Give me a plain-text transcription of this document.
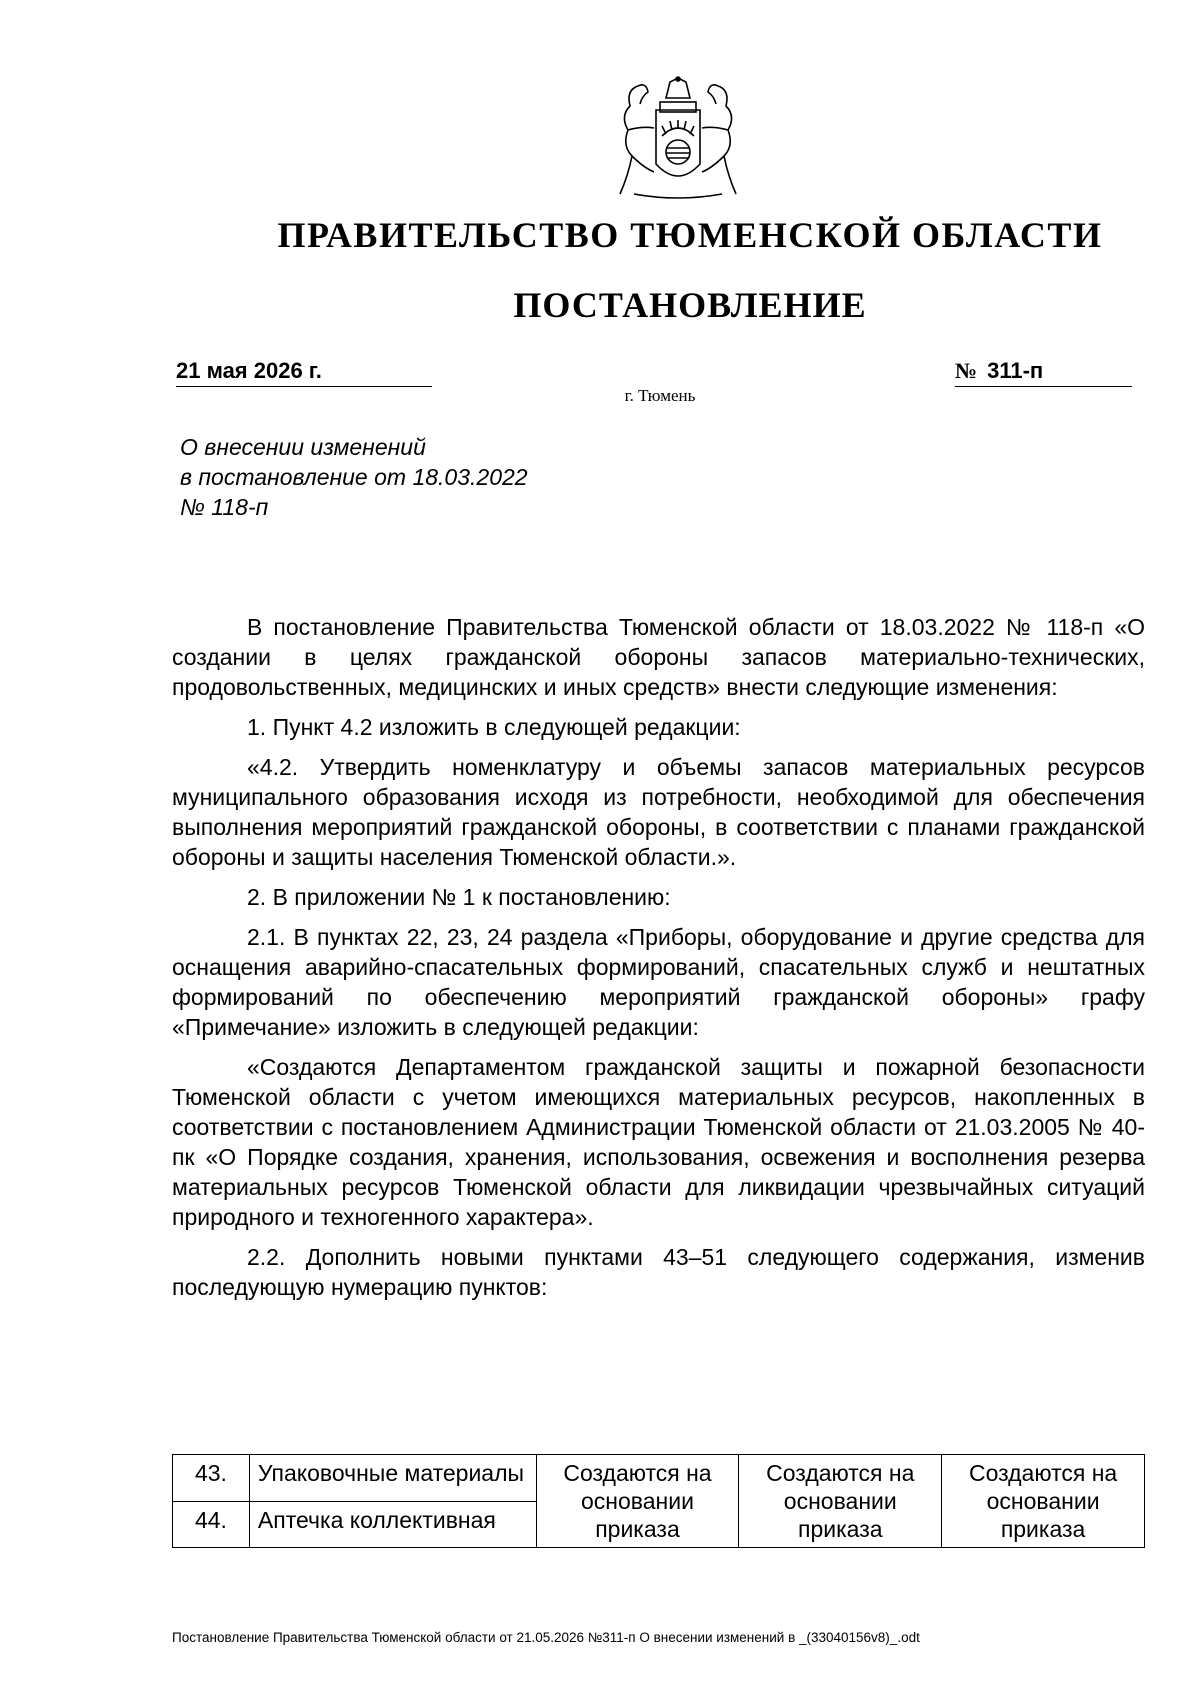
ПРАВИТЕЛЬСТВО ТЮМЕНСКОЙ ОБЛАСТИ
ПОСТАНОВЛЕНИЕ
21 мая 2026 г.	№ 311-п
г. Тюмень
О внесении изменений
в постановление от 18.03.2022
№ 118-п

В постановление Правительства Тюменской области от 18.03.2022 № 118-п «О создании в целях гражданской обороны запасов материально-технических, продовольственных, медицинских и иных средств» внести следующие изменения:

1. Пункт 4.2 изложить в следующей редакции:

«4.2. Утвердить номенклатуру и объемы запасов материальных ресурсов муниципального образования исходя из потребности, необходимой для обеспечения выполнения мероприятий гражданской обороны, в соответствии с планами гражданской обороны и защиты населения Тюменской области.».

2. В приложении № 1 к постановлению:

2.1. В пунктах 22, 23, 24 раздела «Приборы, оборудование и другие средства для оснащения аварийно-спасательных формирований, спасательных служб и нештатных формирований по обеспечению мероприятий гражданской обороны» графу «Примечание» изложить в следующей редакции:

«Создаются Департаментом гражданской защиты и пожарной безопасности Тюменской области с учетом имеющихся материальных ресурсов, накопленных в соответствии с постановлением Администрации Тюменской области от 21.03.2005 № 40-пк «О Порядке создания, хранения, использования, освежения и восполнения резерва материальных ресурсов Тюменской области для ликвидации чрезвычайных ситуаций природного и техногенного характера».

2.2. Дополнить новыми пунктами 43–51 следующего содержания, изменив последующую нумерацию пунктов:

43.	Упаковочные материалы	Создаются на основании приказа	Создаются на основании приказа	Создаются на основании приказа
44.	Аптечка коллективная			
Постановление Правительства Тюменской области от 21.05.2026 №311-п О внесении изменений в _(33040156v8)_.odt
